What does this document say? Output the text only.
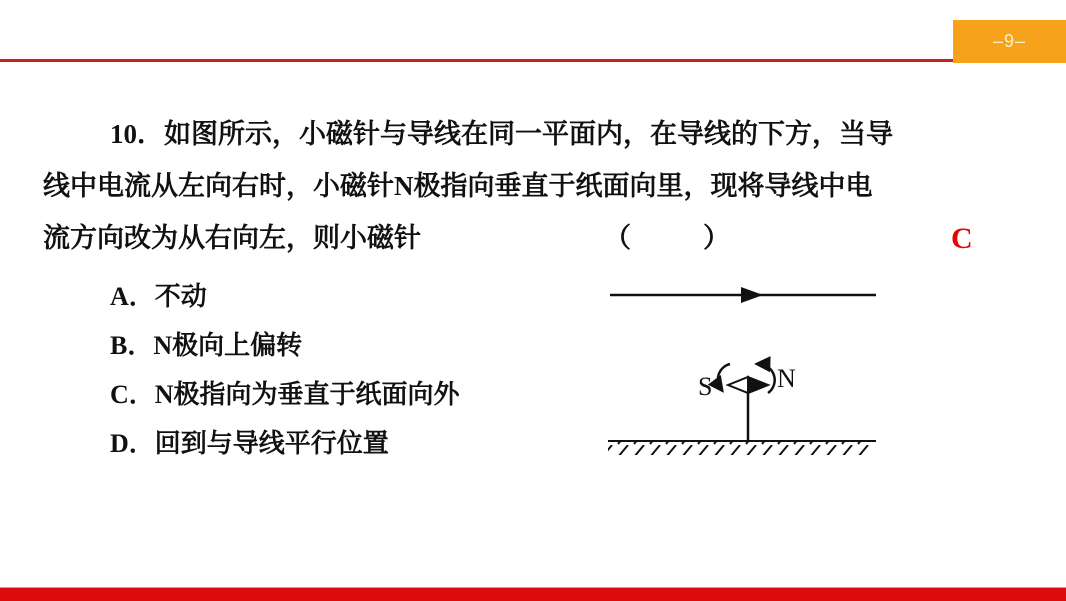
–9–
10．如图所示，小磁针与导线在同一平面内，在导线的下方，当导
线中电流从左向右时，小磁针N极指向垂直于纸面向里，现将导线中电
流方向改为从右向左，则小磁针	（　　）	C
A． 不动
B． N极向上偏转
C． N极指向为垂直于纸面向外
D． 回到与导线平行位置
S N
